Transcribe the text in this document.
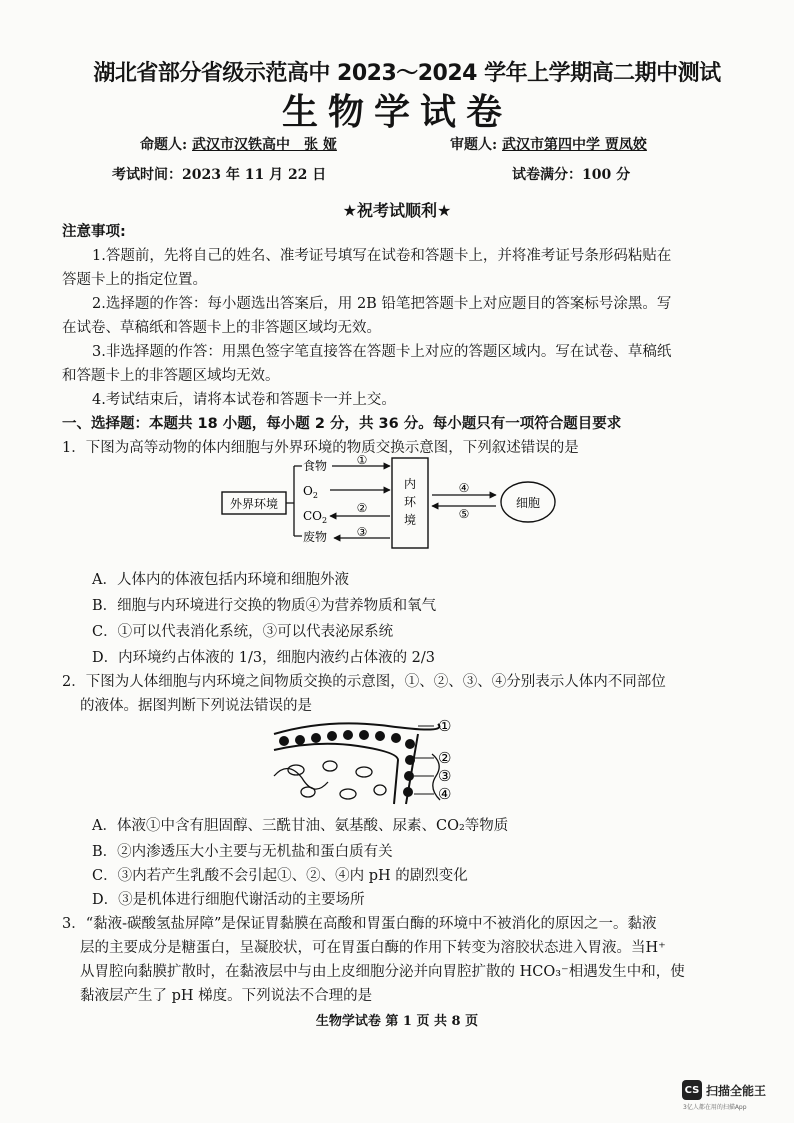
湖北省部分省级示范高中 2023～2024 学年上学期高二期中测试
生物学试卷
命题人: 武汉市汉铁高中　张 娅	审题人: 武汉市第四中学 贾凤姣
考试时间：2023 年 11 月 22 日	试卷满分：100 分
★祝考试顺利★
注意事项:
1.答题前，先将自己的姓名、准考证号填写在试卷和答题卡上，并将准考证号条形码粘贴在
答题卡上的指定位置。
2.选择题的作答：每小题选出答案后，用 2B 铅笔把答题卡上对应题目的答案标号涂黑。写
在试卷、草稿纸和答题卡上的非答题区域均无效。
3.非选择题的作答：用黑色签字笔直接答在答题卡上对应的答题区域内。写在试卷、草稿纸
和答题卡上的非答题区域均无效。
4.考试结束后，请将本试卷和答题卡一并上交。
一、选择题：本题共 18 小题，每小题 2 分，共 36 分。每小题只有一项符合题目要求
1．下图为高等动物的体内细胞与外界环境的物质交换示意图，下列叙述错误的是
外界环境
食物
$O_2$
$CO_2$
废物
①
②
③
内
环
境
④
⑤
细胞
A．人体内的体液包括内环境和细胞外液
B．细胞与内环境进行交换的物质④为营养物质和氧气
C．①可以代表消化系统，③可以代表泌尿系统
D．内环境约占体液的 1/3，细胞内液约占体液的 2/3
2．下图为人体细胞与内环境之间物质交换的示意图，①、②、③、④分别表示人体内不同部位
的液体。据图判断下列说法错误的是
①
②
③
④
A．体液①中含有胆固醇、三酰甘油、氨基酸、尿素、CO₂等物质
B．②内渗透压大小主要与无机盐和蛋白质有关
C．③内若产生乳酸不会引起①、②、④内 pH 的剧烈变化
D．③是机体进行细胞代谢活动的主要场所
3．“黏液-碳酸氢盐屏障”是保证胃黏膜在高酸和胃蛋白酶的环境中不被消化的原因之一。黏液
层的主要成分是糖蛋白，呈凝胶状，可在胃蛋白酶的作用下转变为溶胶状态进入胃液。当H⁺
从胃腔向黏膜扩散时，在黏液层中与由上皮细胞分泌并向胃腔扩散的 HCO₃⁻相遇发生中和，使
黏液层产生了 pH 梯度。下列说法不合理的是
生物学试卷 第 1 页 共 8 页
CS 扫描全能王
3亿人都在用的扫描App
